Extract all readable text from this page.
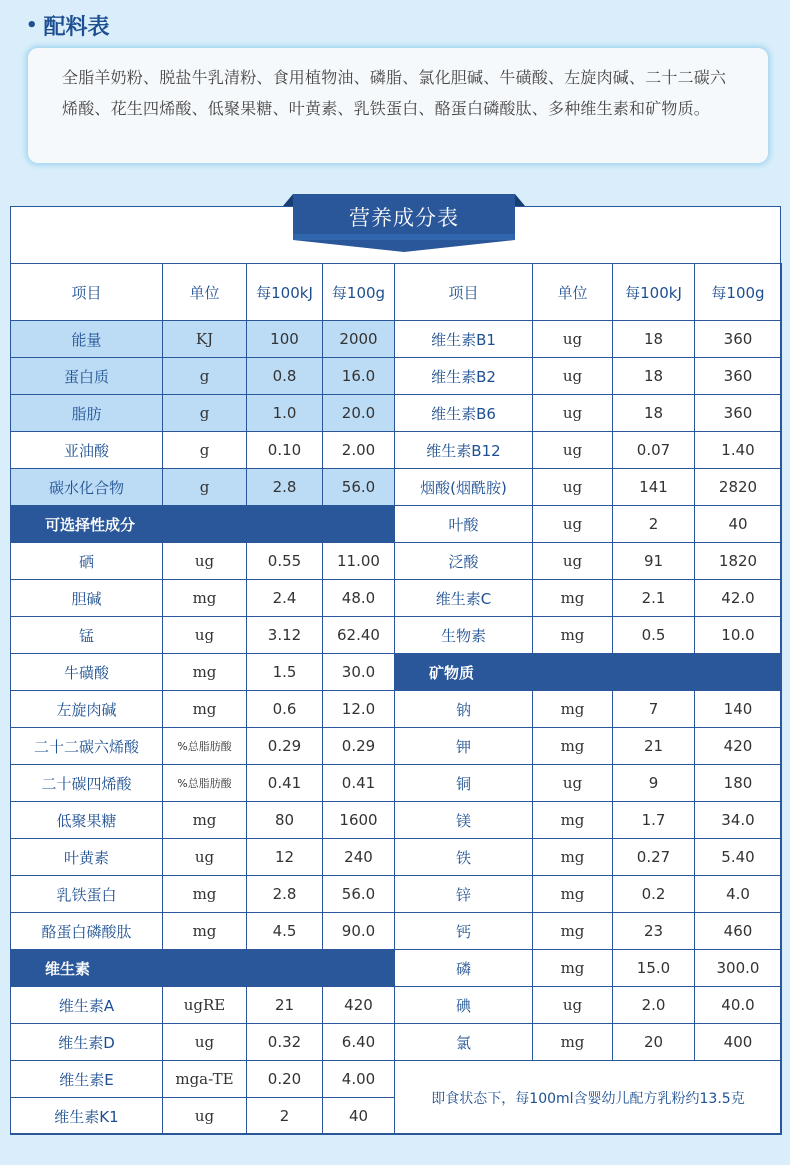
• 配料表

全脂羊奶粉、脱盐牛乳清粉、食用植物油、磷脂、氯化胆碱、牛磺酸、左旋肉碱、二十二碳六烯酸、花生四烯酸、低聚果糖、叶黄素、乳铁蛋白、酪蛋白磷酸肽、多种维生素和矿物质。

营养成分表
项目	单位	每100kJ	每100g	项目	单位	每100kJ	每100g
能量	KJ	100	2000	维生素B1	ug	18	360
蛋白质	g	0.8	16.0	维生素B2	ug	18	360
脂肪	g	1.0	20.0	维生素B6	ug	18	360
亚油酸	g	0.10	2.00	维生素B12	ug	0.07	1.40
碳水化合物	g	2.8	56.0	烟酸(烟酰胺)	ug	141	2820
可选择性成分				叶酸	ug	2	40
硒	ug	0.55	11.00	泛酸	ug	91	1820
胆碱	mg	2.4	48.0	维生素C	mg	2.1	42.0
锰	ug	3.12	62.40	生物素	mg	0.5	10.0
牛磺酸	mg	1.5	30.0	矿物质			
左旋肉碱	mg	0.6	12.0	钠	mg	7	140
二十二碳六烯酸	%总脂肪酸	0.29	0.29	钾	mg	21	420
二十碳四烯酸	%总脂肪酸	0.41	0.41	铜	ug	9	180
低聚果糖	mg	80	1600	镁	mg	1.7	34.0
叶黄素	ug	12	240	铁	mg	0.27	5.40
乳铁蛋白	mg	2.8	56.0	锌	mg	0.2	4.0
酪蛋白磷酸肽	mg	4.5	90.0	钙	mg	23	460
维生素				磷	mg	15.0	300.0
维生素A	ugRE	21	420	碘	ug	2.0	40.0
维生素D	ug	0.32	6.40	氯	mg	20	400
维生素E	mga-TE	0.20	4.00	即食状态下，每100ml含婴幼儿配方乳粉约13.5克			
维生素K1	ug	2	40				
